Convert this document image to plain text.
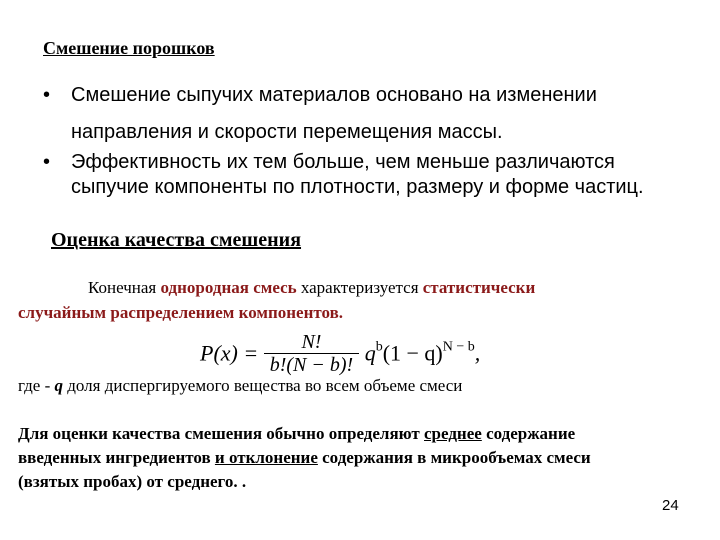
Смешение порошков
• Смешение сыпучих материалов основано на изменении
направления и скорости перемещения массы.
• Эффективность их тем больше, чем меньше различаются
сыпучие компоненты по плотности, размеру и форме частиц.
Оценка качества смешения
Конечная однородная смесь характеризуется статистически
случайным распределением компонентов.
$P(x) = \frac{N!}{b!(N - b)!} q^b(1 - q)^{N - b}$,
где - q доля диспергируемого вещества во всем объеме смеси
Для оценки качества смешения обычно определяют среднее содержание
введенных ингредиентов и отклонение содержания в микрообъемах смеси
(взятых пробах) от среднего. .
24
